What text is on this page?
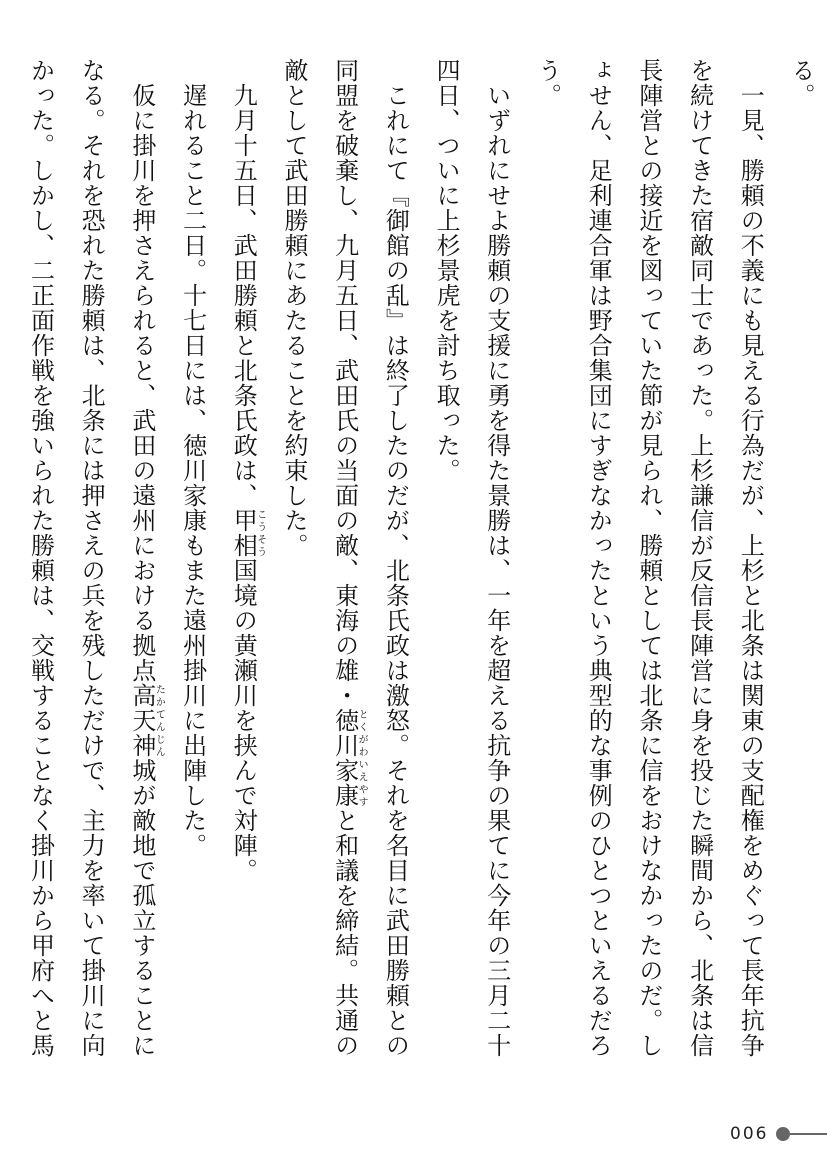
る。
　一見、勝頼の不義にも見える行為だが、上杉と北条は関東の支配権をめぐって長年抗争
を続けてきた宿敵同士であった。上杉謙信が反信長陣営に身を投じた瞬間から、北条は信
長陣営との接近を図っていた節が見られ、勝頼としては北条に信をおけなかったのだ。し
ょせん、足利連合軍は野合集団にすぎなかったという典型的な事例のひとつといえるだろ
う。
　いずれにせよ勝頼の支援に勇を得た景勝は、一年を超える抗争の果てに今年の三月二十
四日、ついに上杉景虎を討ち取った。
　これにて『御館の乱』は終了したのだが、北条氏政は激怒。それを名目に武田勝頼との
同盟を破棄し、九月五日、武田氏の当面の敵、東海の雄・徳川家康とくがわいえやすと和議を締結。共通の
敵として武田勝頼にあたることを約束した。
　九月十五日、武田勝頼と北条氏政は、甲相こうそう国境の黄瀬川を挟んで対陣。
　遅れること二日。十七日には、徳川家康もまた遠州掛川に出陣した。
　仮に掛川を押さえられると、武田の遠州における拠点高天神たかてんじん城が敵地で孤立することに
なる。それを恐れた勝頼は、北条には押さえの兵を残しただけで、主力を率いて掛川に向
かった。しかし、二正面作戦を強いられた勝頼は、交戦することなく掛川から甲府へと馬
006
